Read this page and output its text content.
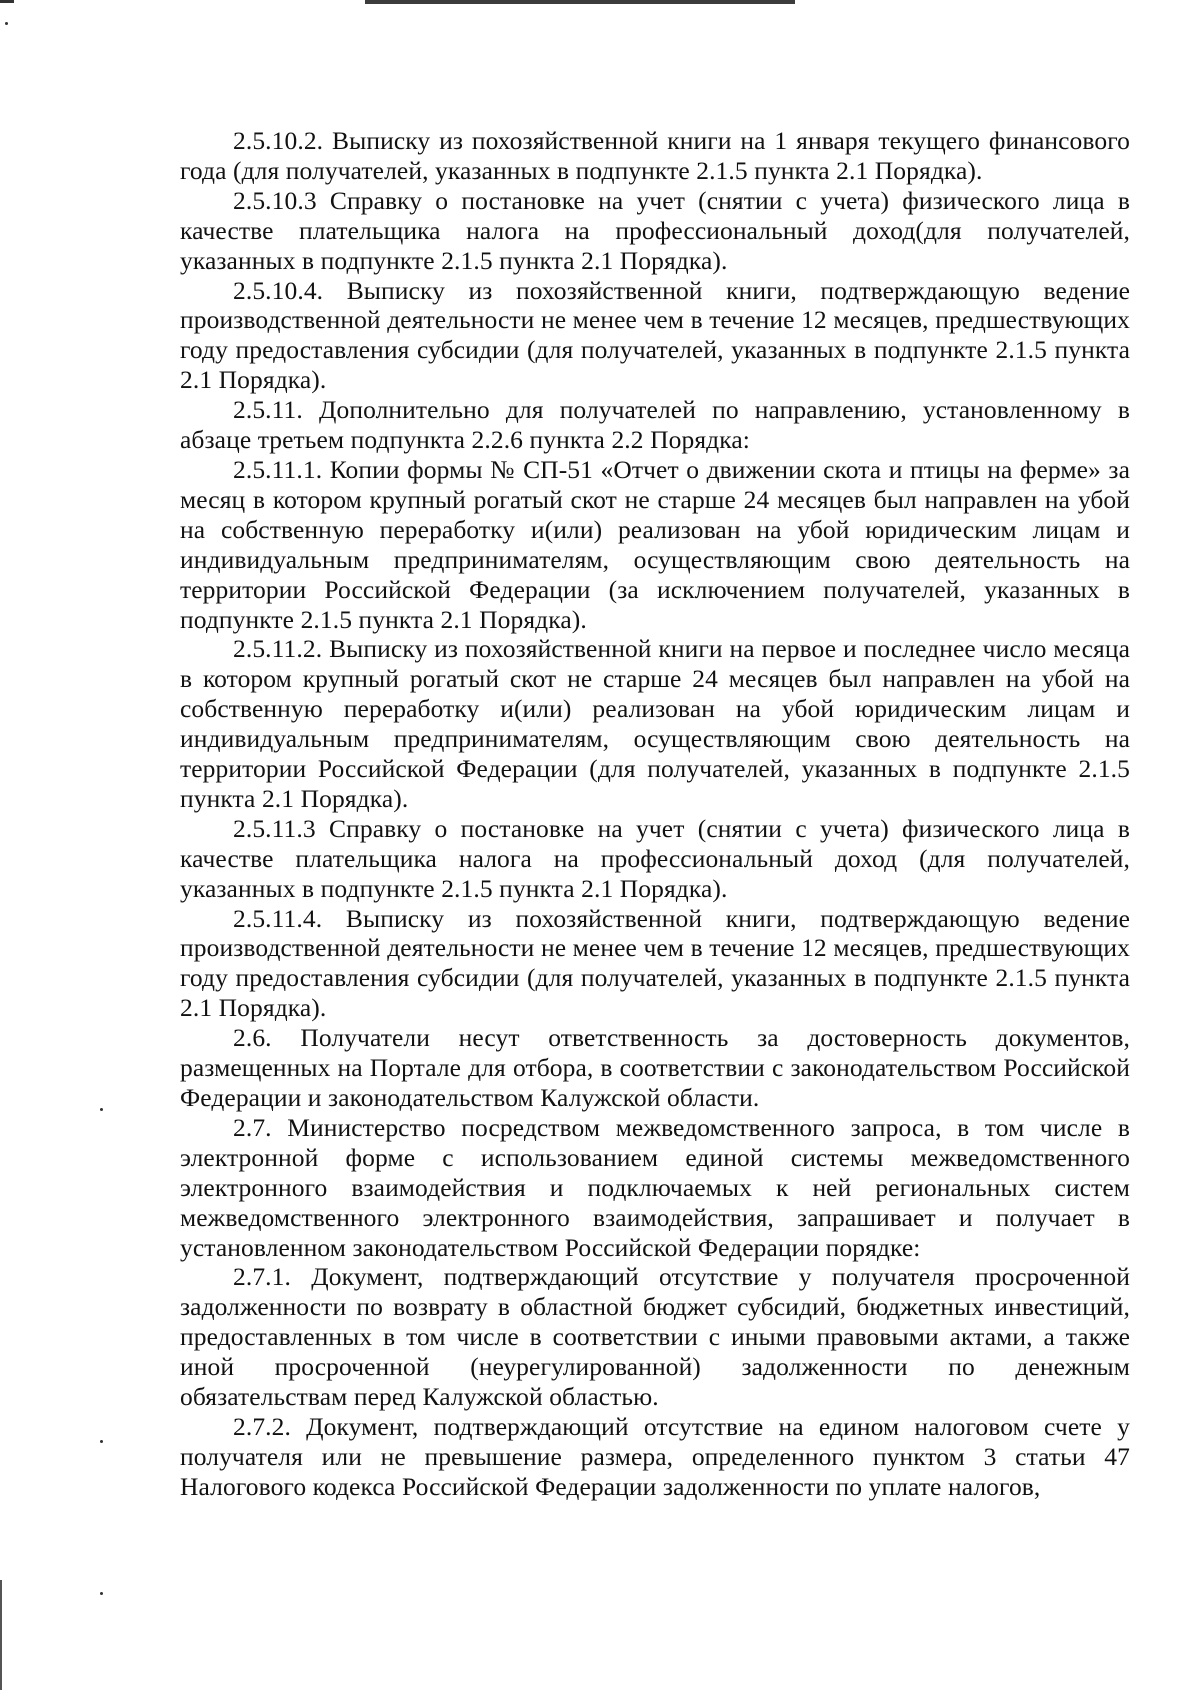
2.5.10.2. Выписку из похозяйственной книги на 1 января текущего финансового года (для получателей, указанных в подпункте 2.1.5 пункта 2.1 Порядка).

2.5.10.3 Справку о постановке на учет (снятии с учета) физического лица в качестве плательщика налога на профессиональный доход(для получателей, указанных в подпункте 2.1.5 пункта 2.1 Порядка).

2.5.10.4. Выписку из похозяйственной книги, подтверждающую ведение производственной деятельности не менее чем в течение 12 месяцев, предшествующих году предоставления субсидии (для получателей, указанных в подпункте 2.1.5 пункта 2.1 Порядка).

2.5.11. Дополнительно для получателей по направлению, установленному в абзаце третьем подпункта 2.2.6 пункта 2.2 Порядка:

2.5.11.1. Копии формы № СП-51 «Отчет о движении скота и птицы на ферме» за месяц в котором крупный рогатый скот не старше 24 месяцев был направлен на убой на собственную переработку и(или) реализован на убой юридическим лицам и индивидуальным предпринимателям, осуществляющим свою деятельность на территории Российской Федерации (за исключением получателей, указанных в подпункте 2.1.5 пункта 2.1 Порядка).

2.5.11.2. Выписку из похозяйственной книги на первое и последнее число месяца в котором крупный рогатый скот не старше 24 месяцев был направлен на убой на собственную переработку и(или) реализован на убой юридическим лицам и индивидуальным предпринимателям, осуществляющим свою деятельность на территории Российской Федерации (для получателей, указанных в подпункте 2.1.5 пункта 2.1 Порядка).

2.5.11.3 Справку о постановке на учет (снятии с учета) физического лица в качестве плательщика налога на профессиональный доход (для получателей, указанных в подпункте 2.1.5 пункта 2.1 Порядка).

2.5.11.4. Выписку из похозяйственной книги, подтверждающую ведение производственной деятельности не менее чем в течение 12 месяцев, предшествующих году предоставления субсидии (для получателей, указанных в подпункте 2.1.5 пункта 2.1 Порядка).

2.6. Получатели несут ответственность за достоверность документов, размещенных на Портале для отбора, в соответствии с законодательством Российской Федерации и законодательством Калужской области.

2.7. Министерство посредством межведомственного запроса, в том числе в электронной форме с использованием единой системы межведомственного электронного взаимодействия и подключаемых к ней региональных систем межведомственного электронного взаимодействия, запрашивает и получает в установленном законодательством Российской Федерации порядке:

2.7.1. Документ, подтверждающий отсутствие у получателя просроченной задолженности по возврату в областной бюджет субсидий, бюджетных инвестиций, предоставленных в том числе в соответствии с иными правовыми актами, а также иной просроченной (неурегулированной) задолженности по денежным обязательствам перед Калужской областью.

2.7.2. Документ, подтверждающий отсутствие на едином налоговом счете у получателя или не превышение размера, определенного пунктом 3 статьи 47 Налогового кодекса Российской Федерации задолженности по уплате налогов,
